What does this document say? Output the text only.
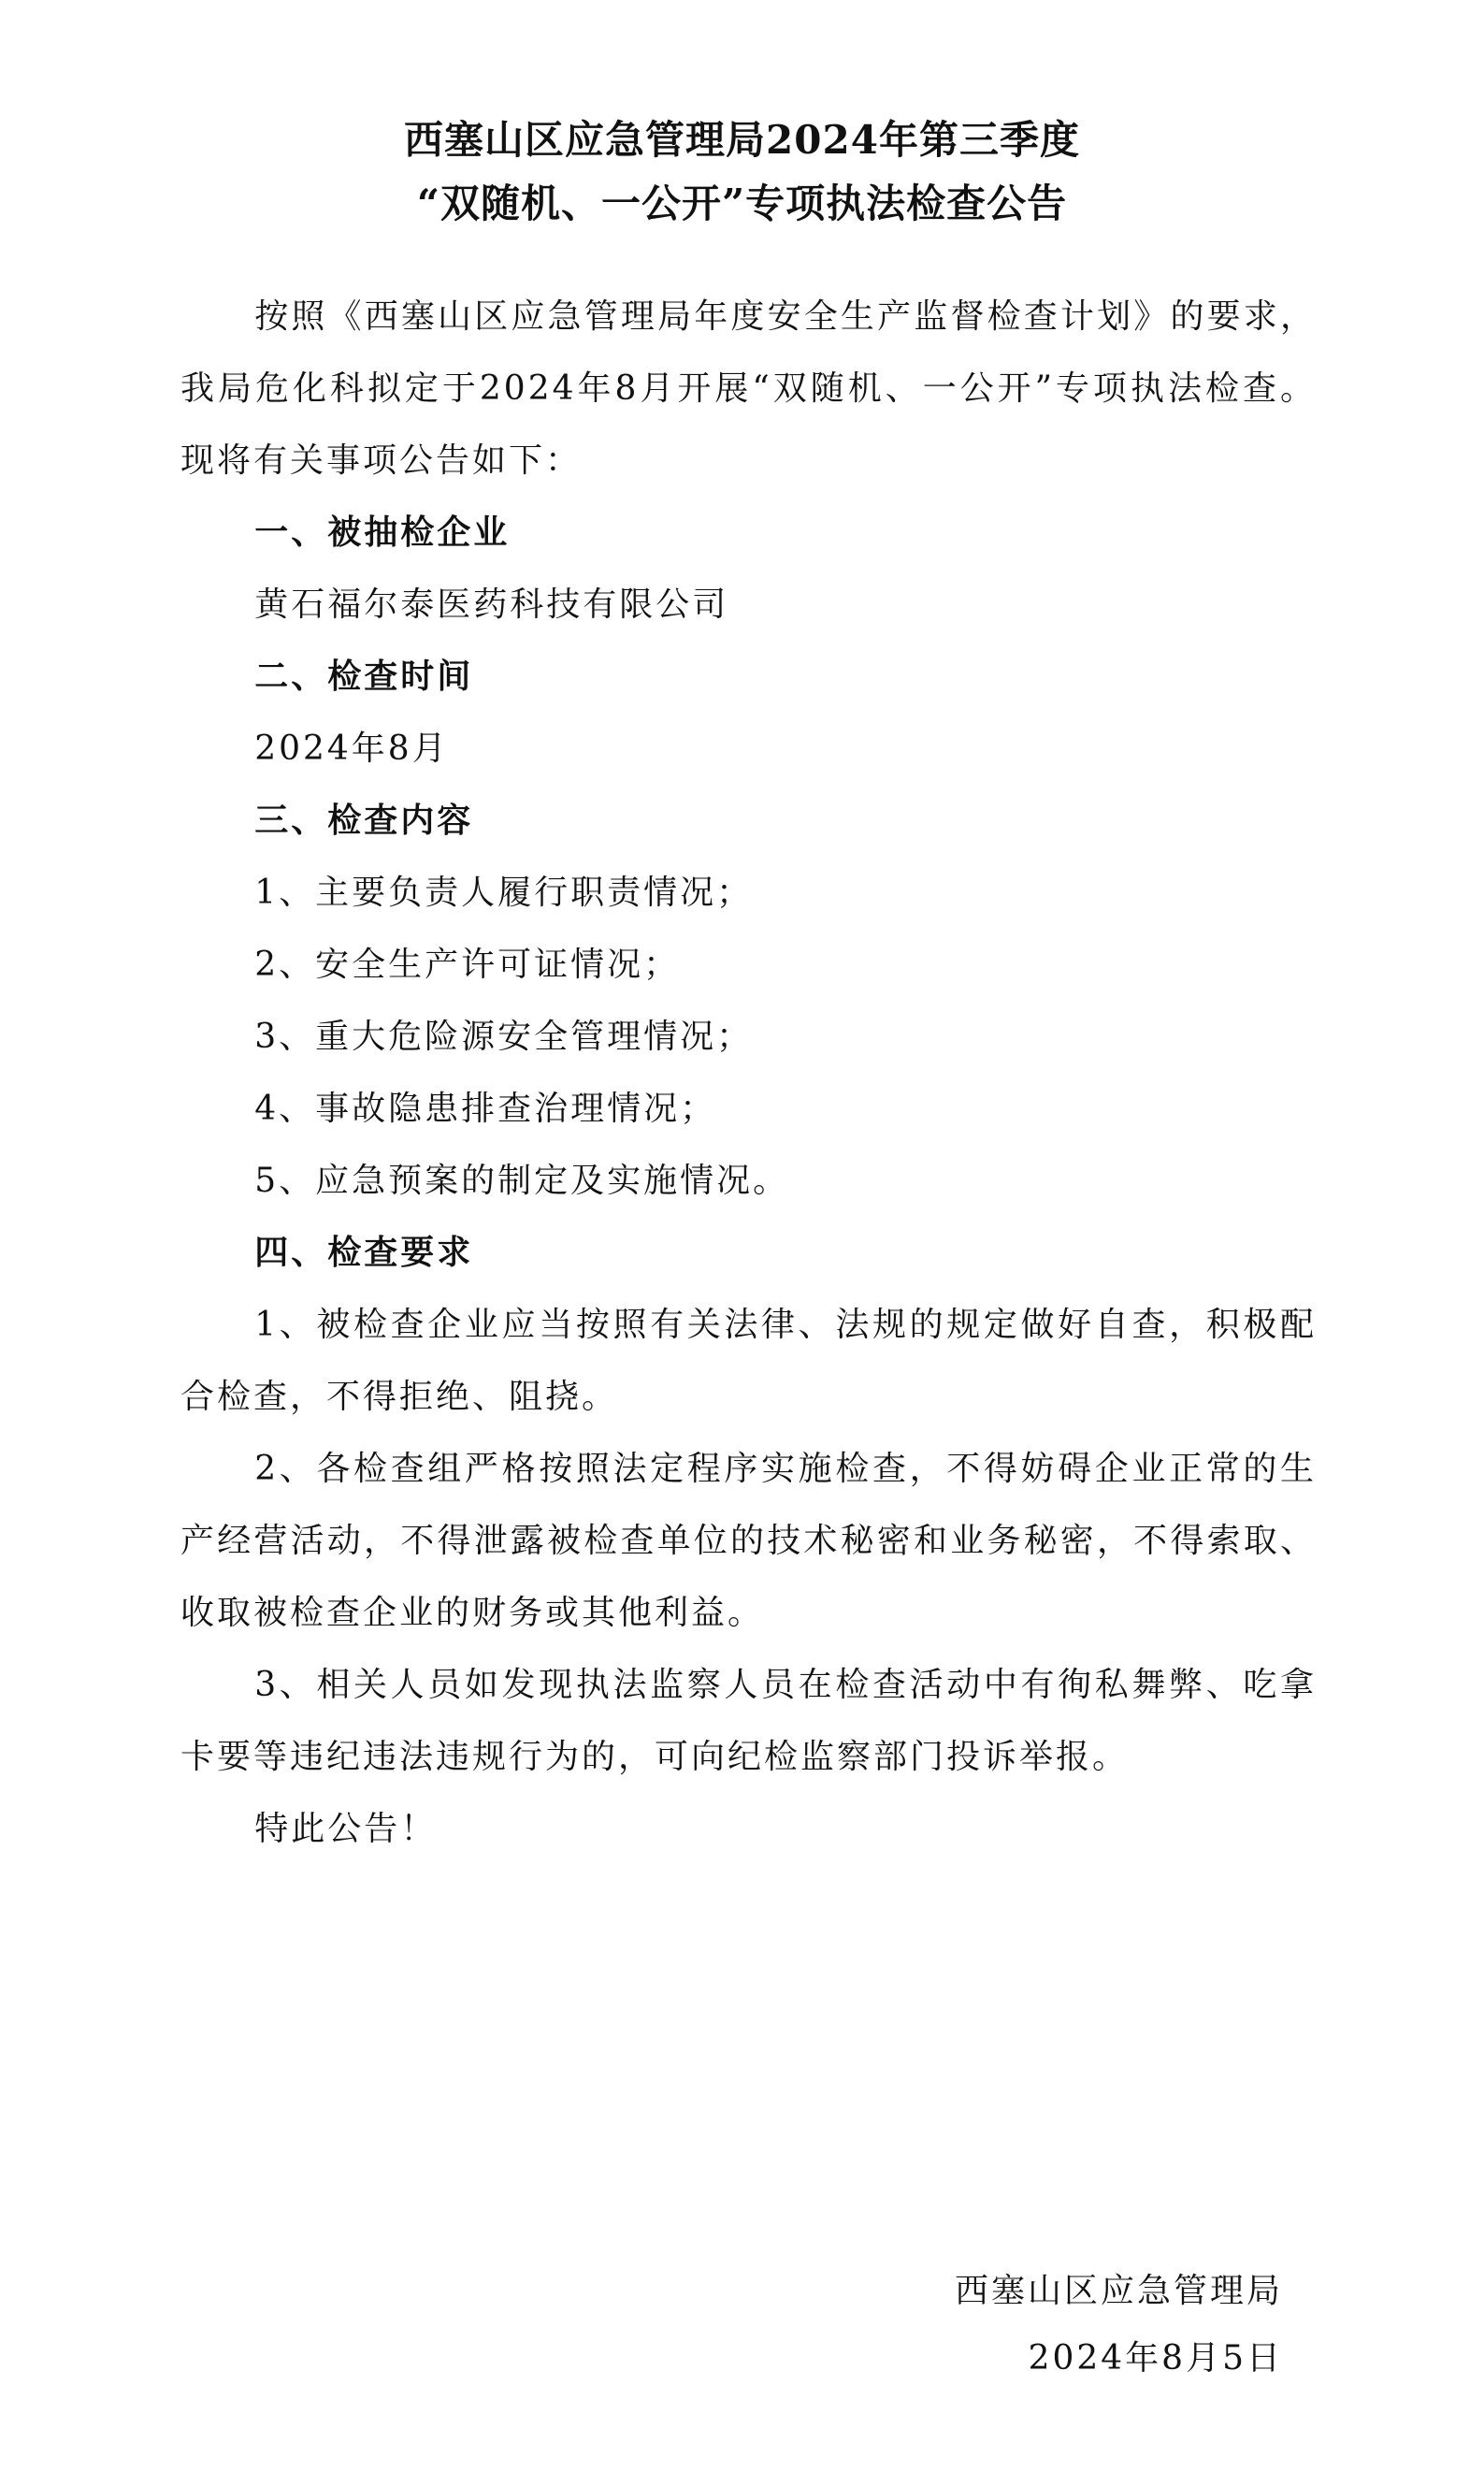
西塞山区应急管理局2024年第三季度
“双随机、一公开”专项执法检查公告

按照《西塞山区应急管理局年度安全生产监督检查计划》的要求，我局危化科拟定于2024年8月开展“双随机、一公开”专项执法检查。现将有关事项公告如下：

一、被抽检企业

黄石福尔泰医药科技有限公司

二、检查时间

2024年8月

三、检查内容

1、主要负责人履行职责情况；

2、安全生产许可证情况；

3、重大危险源安全管理情况；

4、事故隐患排查治理情况；

5、应急预案的制定及实施情况。

四、检查要求

1、被检查企业应当按照有关法律、法规的规定做好自查，积极配合检查，不得拒绝、阻挠。

2、各检查组严格按照法定程序实施检查，不得妨碍企业正常的生产经营活动，不得泄露被检查单位的技术秘密和业务秘密，不得索取、收取被检查企业的财务或其他利益。

3、相关人员如发现执法监察人员在检查活动中有徇私舞弊、吃拿卡要等违纪违法违规行为的，可向纪检监察部门投诉举报。

特此公告！

西塞山区应急管理局
2024年8月5日
